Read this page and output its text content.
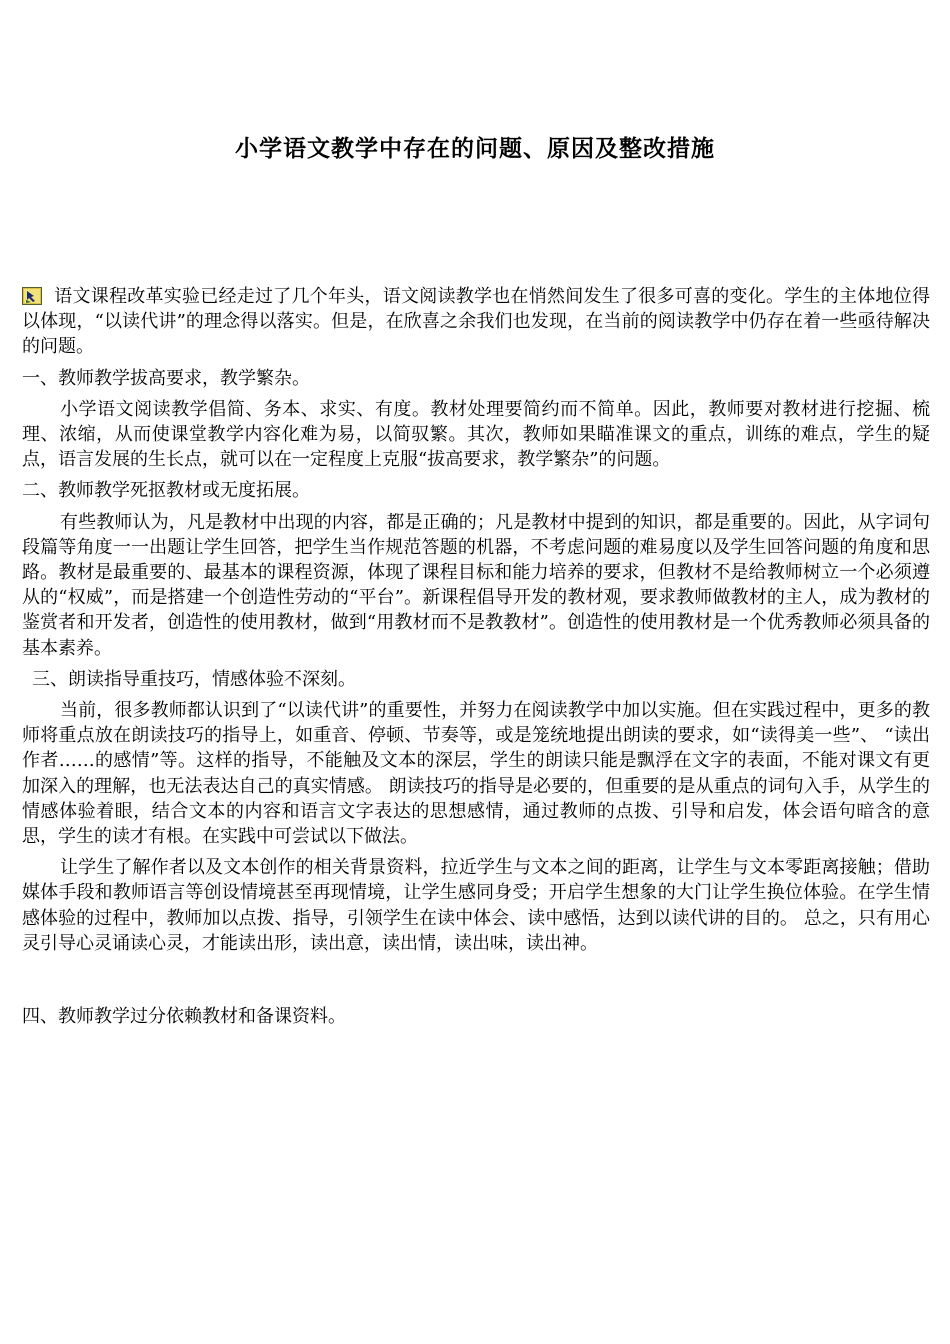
小学语文教学中存在的问题、原因及整改措施

语文课程改革实验已经走过了几个年头，语文阅读教学也在悄然间发生了很多可喜的变化。学生的主体地位得以体现，“以读代讲”的理念得以落实。但是，在欣喜之余我们也发现，在当前的阅读教学中仍存在着一些亟待解决的问题。

一、教师教学拔高要求，教学繁杂。

小学语文阅读教学倡简、务本、求实、有度。教材处理要简约而不简单。因此，教师要对教材进行挖掘、梳理、浓缩，从而使课堂教学内容化难为易，以简驭繁。其次，教师如果瞄准课文的重点，训练的难点，学生的疑点，语言发展的生长点，就可以在一定程度上克服“拔高要求，教学繁杂”的问题。

二、教师教学死抠教材或无度拓展。

有些教师认为，凡是教材中出现的内容，都是正确的；凡是教材中提到的知识，都是重要的。因此，从字词句段篇等角度一一出题让学生回答，把学生当作规范答题的机器，不考虑问题的难易度以及学生回答问题的角度和思路。教材是最重要的、最基本的课程资源，体现了课程目标和能力培养的要求，但教材不是给教师树立一个必须遵从的“权威”，而是搭建一个创造性劳动的“平台”。新课程倡导开发的教材观，要求教师做教材的主人，成为教材的鉴赏者和开发者，创造性的使用教材，做到“用教材而不是教教材”。创造性的使用教材是一个优秀教师必须具备的基本素养。

三、朗读指导重技巧，情感体验不深刻。

当前，很多教师都认识到了“以读代讲”的重要性，并努力在阅读教学中加以实施。但在实践过程中，更多的教师将重点放在朗读技巧的指导上，如重音、停顿、节奏等，或是笼统地提出朗读的要求，如“读得美一些”、 “读出作者……的感情”等。这样的指导，不能触及文本的深层，学生的朗读只能是飘浮在文字的表面，不能对课文有更加深入的理解，也无法表达自己的真实情感。 朗读技巧的指导是必要的，但重要的是从重点的词句入手，从学生的情感体验着眼，结合文本的内容和语言文字表达的思想感情，通过教师的点拨、引导和启发，体会语句暗含的意思，学生的读才有根。在实践中可尝试以下做法。

让学生了解作者以及文本创作的相关背景资料，拉近学生与文本之间的距离，让学生与文本零距离接触；借助媒体手段和教师语言等创设情境甚至再现情境，让学生感同身受；开启学生想象的大门让学生换位体验。在学生情感体验的过程中，教师加以点拨、指导，引领学生在读中体会、读中感悟，达到以读代讲的目的。 总之，只有用心灵引导心灵诵读心灵，才能读出形，读出意，读出情，读出味，读出神。

四、教师教学过分依赖教材和备课资料。
